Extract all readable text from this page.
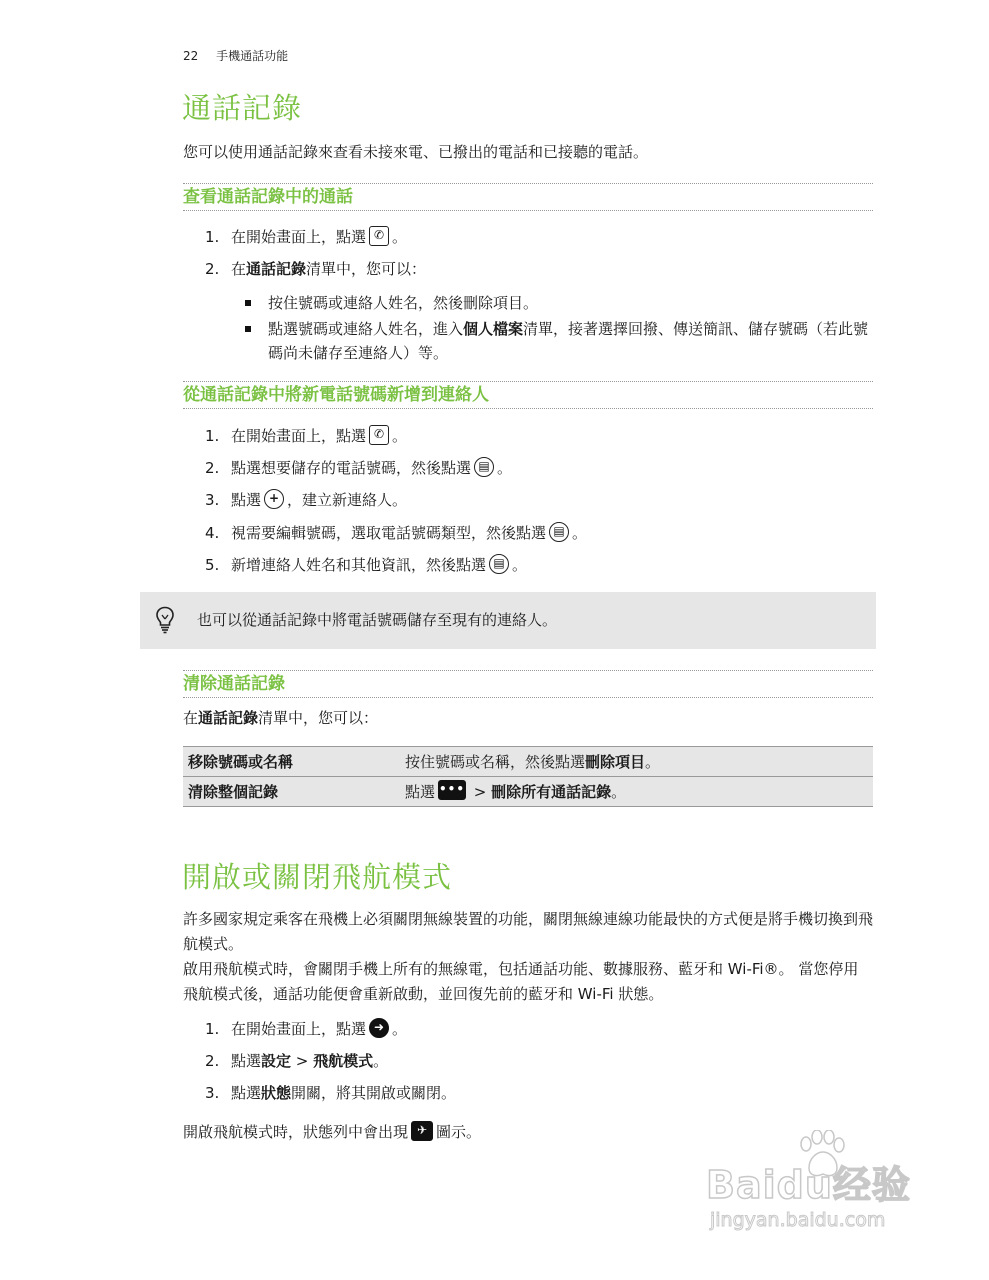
22 手機通話功能
通話記錄

您可以使用通話記錄來查看未接來電、已撥出的電話和已接聽的電話。

查看通話記錄中的通話
1. 在開始畫面上，點選 ✆ 。
2. 在通話記錄清單中，您可以：
按住號碼或連絡人姓名，然後刪除項目。
點選號碼或連絡人姓名，進入個人檔案清單，接著選擇回撥、傳送簡訊、儲存號碼（若此號碼尚未儲存至連絡人）等。
從通話記錄中將新電話號碼新增到連絡人
1. 在開始畫面上，點選 ✆ 。
2. 點選想要儲存的電話號碼，然後點選 ▤ 。
3. 點選 + ，建立新連絡人。
4. 視需要編輯號碼，選取電話號碼類型，然後點選 ▤ 。
5. 新增連絡人姓名和其他資訊，然後點選 ▤ 。
也可以從通話記錄中將電話號碼儲存至現有的連絡人。
清除通話記錄

在通話記錄清單中，您可以：

移除號碼或名稱	按住號碼或名稱，然後點選刪除項目。
清除整個記錄	點選 ••• > 刪除所有通話記錄。
開啟或關閉飛航模式

許多國家規定乘客在飛機上必須關閉無線裝置的功能，關閉無線連線功能最快的方式便是將手機切換到飛航模式。

啟用飛航模式時，會關閉手機上所有的無線電，包括通話功能、數據服務、藍牙和 Wi-Fi®。 當您停用飛航模式後，通話功能便會重新啟動，並回復先前的藍牙和 Wi-Fi 狀態。

1. 在開始畫面上，點選 ➜ 。
2. 點選設定 > 飛航模式。
3. 點選狀態開關，將其開啟或關閉。

開啟飛航模式時，狀態列中會出現 ✈ 圖示。

Baidu经验
jingyan.baidu.com
